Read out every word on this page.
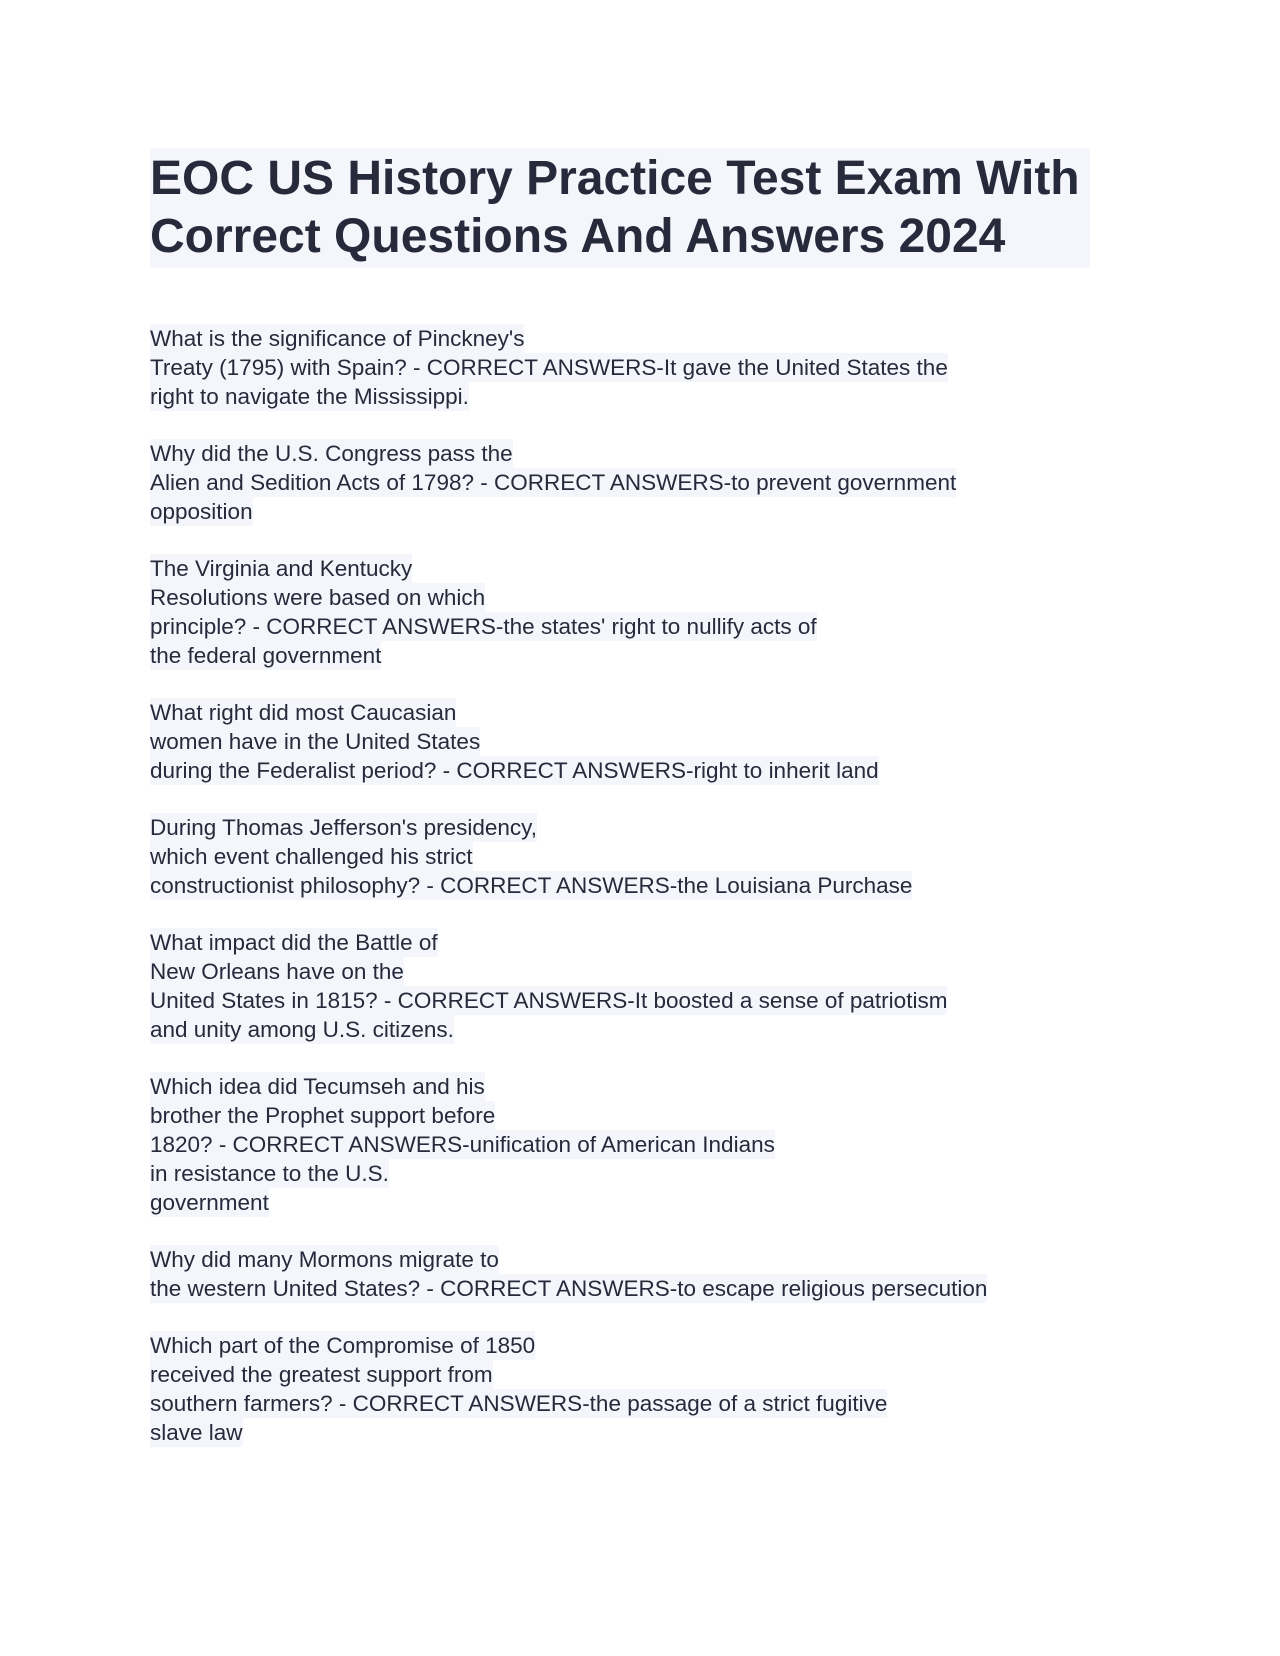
EOC US History Practice Test Exam With
Correct Questions And Answers 2024
What is the significance of Pinckney's
Treaty (1795) with Spain? - CORRECT ANSWERS-It gave the United States the
right to navigate the Mississippi.
Why did the U.S. Congress pass the
Alien and Sedition Acts of 1798? - CORRECT ANSWERS-to prevent government
opposition
The Virginia and Kentucky
Resolutions were based on which
principle? - CORRECT ANSWERS-the states' right to nullify acts of
the federal government
What right did most Caucasian
women have in the United States
during the Federalist period? - CORRECT ANSWERS-right to inherit land
During Thomas Jefferson's presidency,
which event challenged his strict
constructionist philosophy? - CORRECT ANSWERS-the Louisiana Purchase
What impact did the Battle of
New Orleans have on the
United States in 1815? - CORRECT ANSWERS-It boosted a sense of patriotism
and unity among U.S. citizens.
Which idea did Tecumseh and his
brother the Prophet support before
1820? - CORRECT ANSWERS-unification of American Indians
in resistance to the U.S.
government
Why did many Mormons migrate to
the western United States? - CORRECT ANSWERS-to escape religious persecution
Which part of the Compromise of 1850
received the greatest support from
southern farmers? - CORRECT ANSWERS-the passage of a strict fugitive
slave law
